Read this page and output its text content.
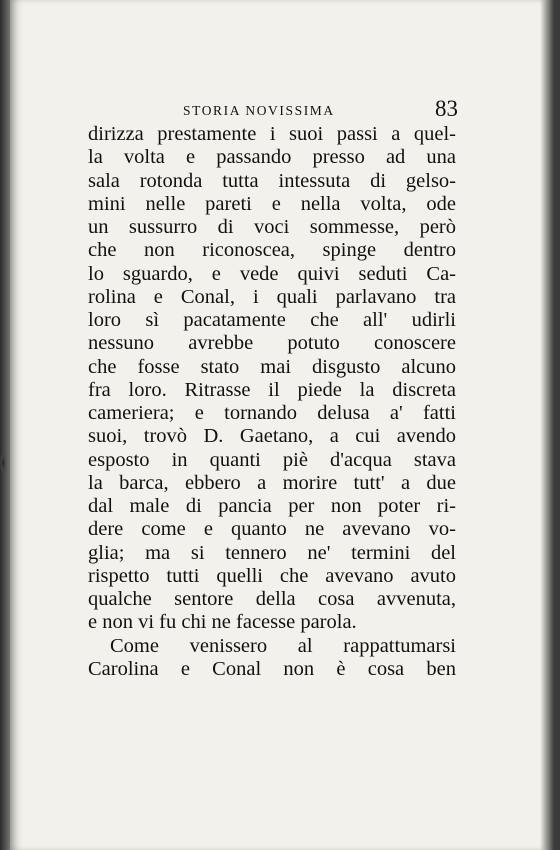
STORIA NOVISSIMA	83
dirizza prestamente i suoi passi a quel-
la volta e passando presso ad una
sala rotonda tutta intessuta di gelso-
mini nelle pareti e nella volta, ode
un sussurro di voci sommesse, però
che non riconoscea, spinge dentro
lo sguardo, e vede quivi seduti Ca-
rolina e Conal, i quali parlavano tra
loro sì pacatamente che all' udirli
nessuno avrebbe potuto conoscere
che fosse stato mai disgusto alcuno
fra loro. Ritrasse il piede la discreta
cameriera; e tornando delusa a' fatti
suoi, trovò D. Gaetano, a cui avendo
esposto in quanti piè d'acqua stava
la barca, ebbero a morire tutt' a due
dal male di pancia per non poter ri-
dere come e quanto ne avevano vo-
glia; ma si tennero ne' termini del
rispetto tutti quelli che avevano avuto
qualche sentore della cosa avvenuta,
e non vi fu chi ne facesse parola.
Come venissero al rappattumarsi
Carolina e Conal non è cosa ben
